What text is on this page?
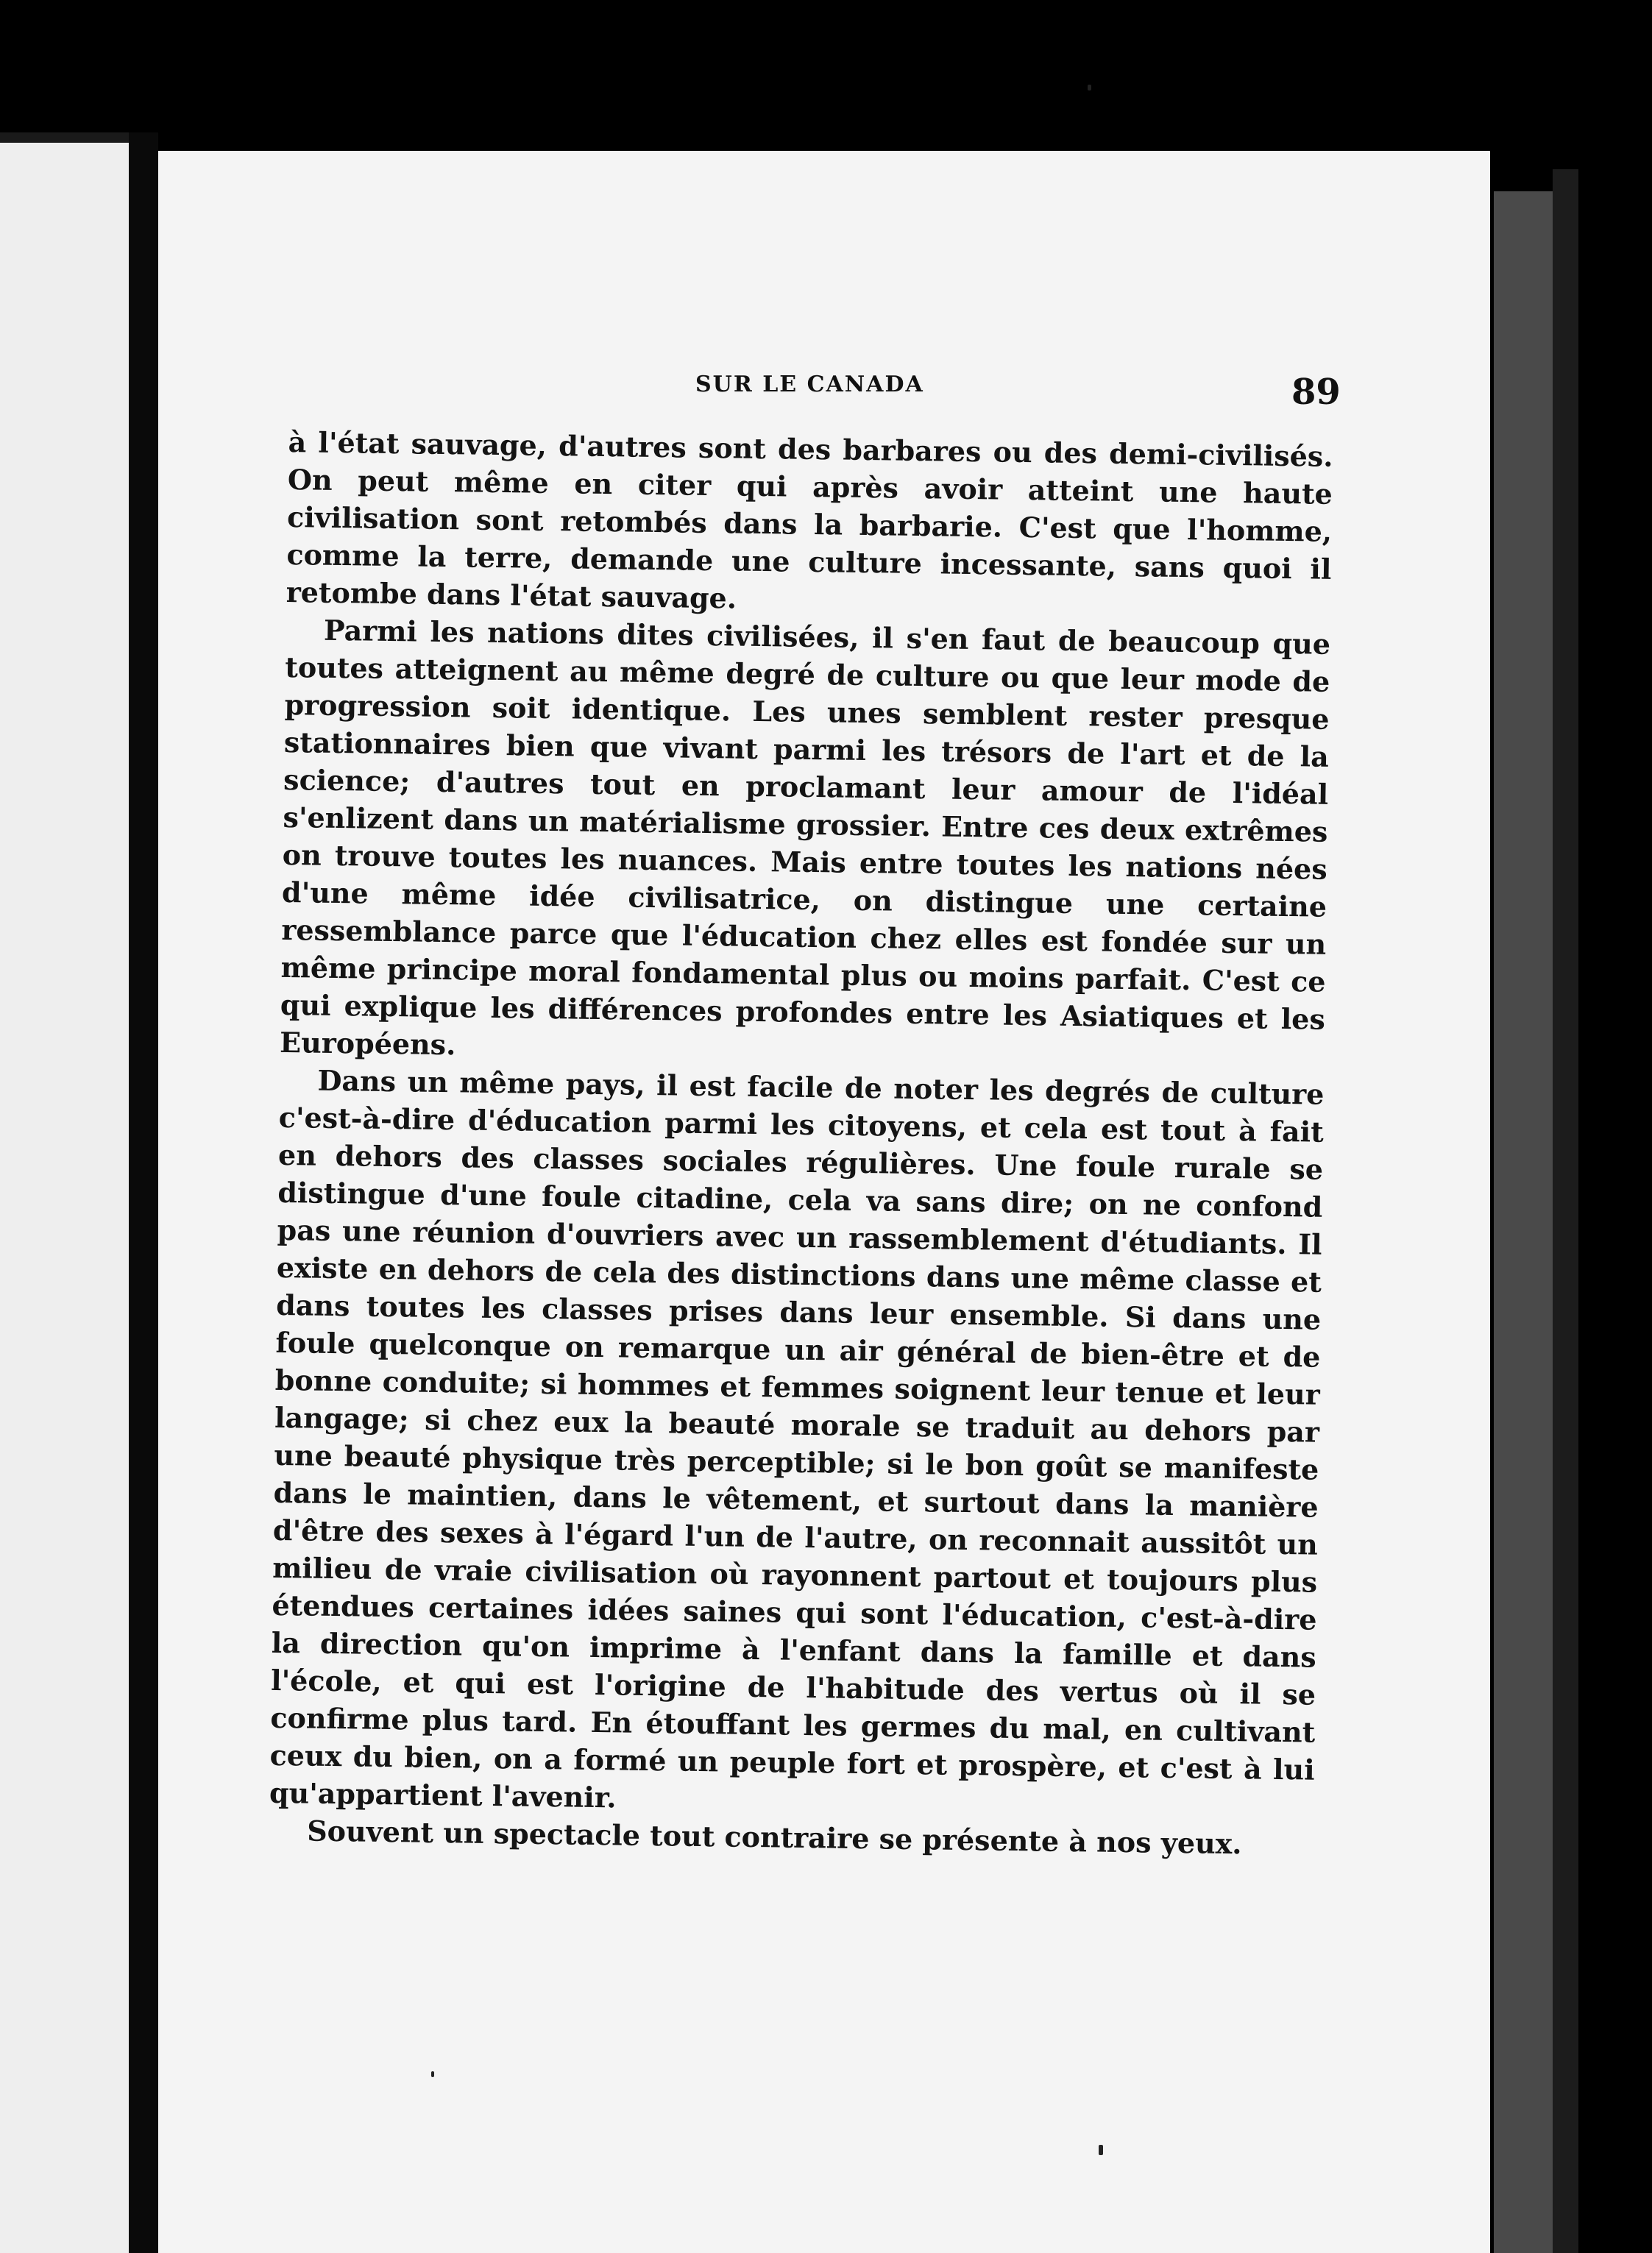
SUR LE CANADA	89

à l'état sauvage, d'autres sont des barbares ou des demi-civilisés. On peut même en citer qui après avoir atteint une haute civilisation sont retombés dans la barbarie. C'est que l'homme, comme la terre, demande une culture incessante, sans quoi il retombe dans l'état sauvage.

Parmi les nations dites civilisées, il s'en faut de beaucoup que toutes atteignent au même degré de culture ou que leur mode de progression soit identique. Les unes semblent rester presque stationnaires bien que vivant parmi les trésors de l'art et de la science; d'autres tout en proclamant leur amour de l'idéal s'enlizent dans un matérialisme grossier. Entre ces deux extrêmes on trouve toutes les nuances. Mais entre toutes les nations nées d'une même idée civilisatrice, on distingue une certaine ressemblance parce que l'éducation chez elles est fondée sur un même principe moral fondamental plus ou moins parfait. C'est ce qui explique les différences profondes entre les Asiatiques et les Européens.

Dans un même pays, il est facile de noter les degrés de culture c'est-à-dire d'éducation parmi les citoyens, et cela est tout à fait en dehors des classes sociales régulières. Une foule rurale se distingue d'une foule citadine, cela va sans dire; on ne confond pas une réunion d'ouvriers avec un rassemblement d'étudiants. Il existe en dehors de cela des distinctions dans une même classe et dans toutes les classes prises dans leur ensemble. Si dans une foule quelconque on remarque un air général de bien-être et de bonne conduite; si hommes et femmes soignent leur tenue et leur langage; si chez eux la beauté morale se traduit au dehors par une beauté physique très perceptible; si le bon goût se manifeste dans le maintien, dans le vêtement, et surtout dans la manière d'être des sexes à l'égard l'un de l'autre, on reconnait aussitôt un milieu de vraie civilisation où rayonnent partout et toujours plus étendues certaines idées saines qui sont l'éducation, c'est-à-dire la direction qu'on imprime à l'enfant dans la famille et dans l'école, et qui est l'origine de l'habitude des vertus où il se confirme plus tard. En étouffant les germes du mal, en cultivant ceux du bien, on a formé un peuple fort et prospère, et c'est à lui qu'appartient l'avenir.

Souvent un spectacle tout contraire se présente à nos yeux.
